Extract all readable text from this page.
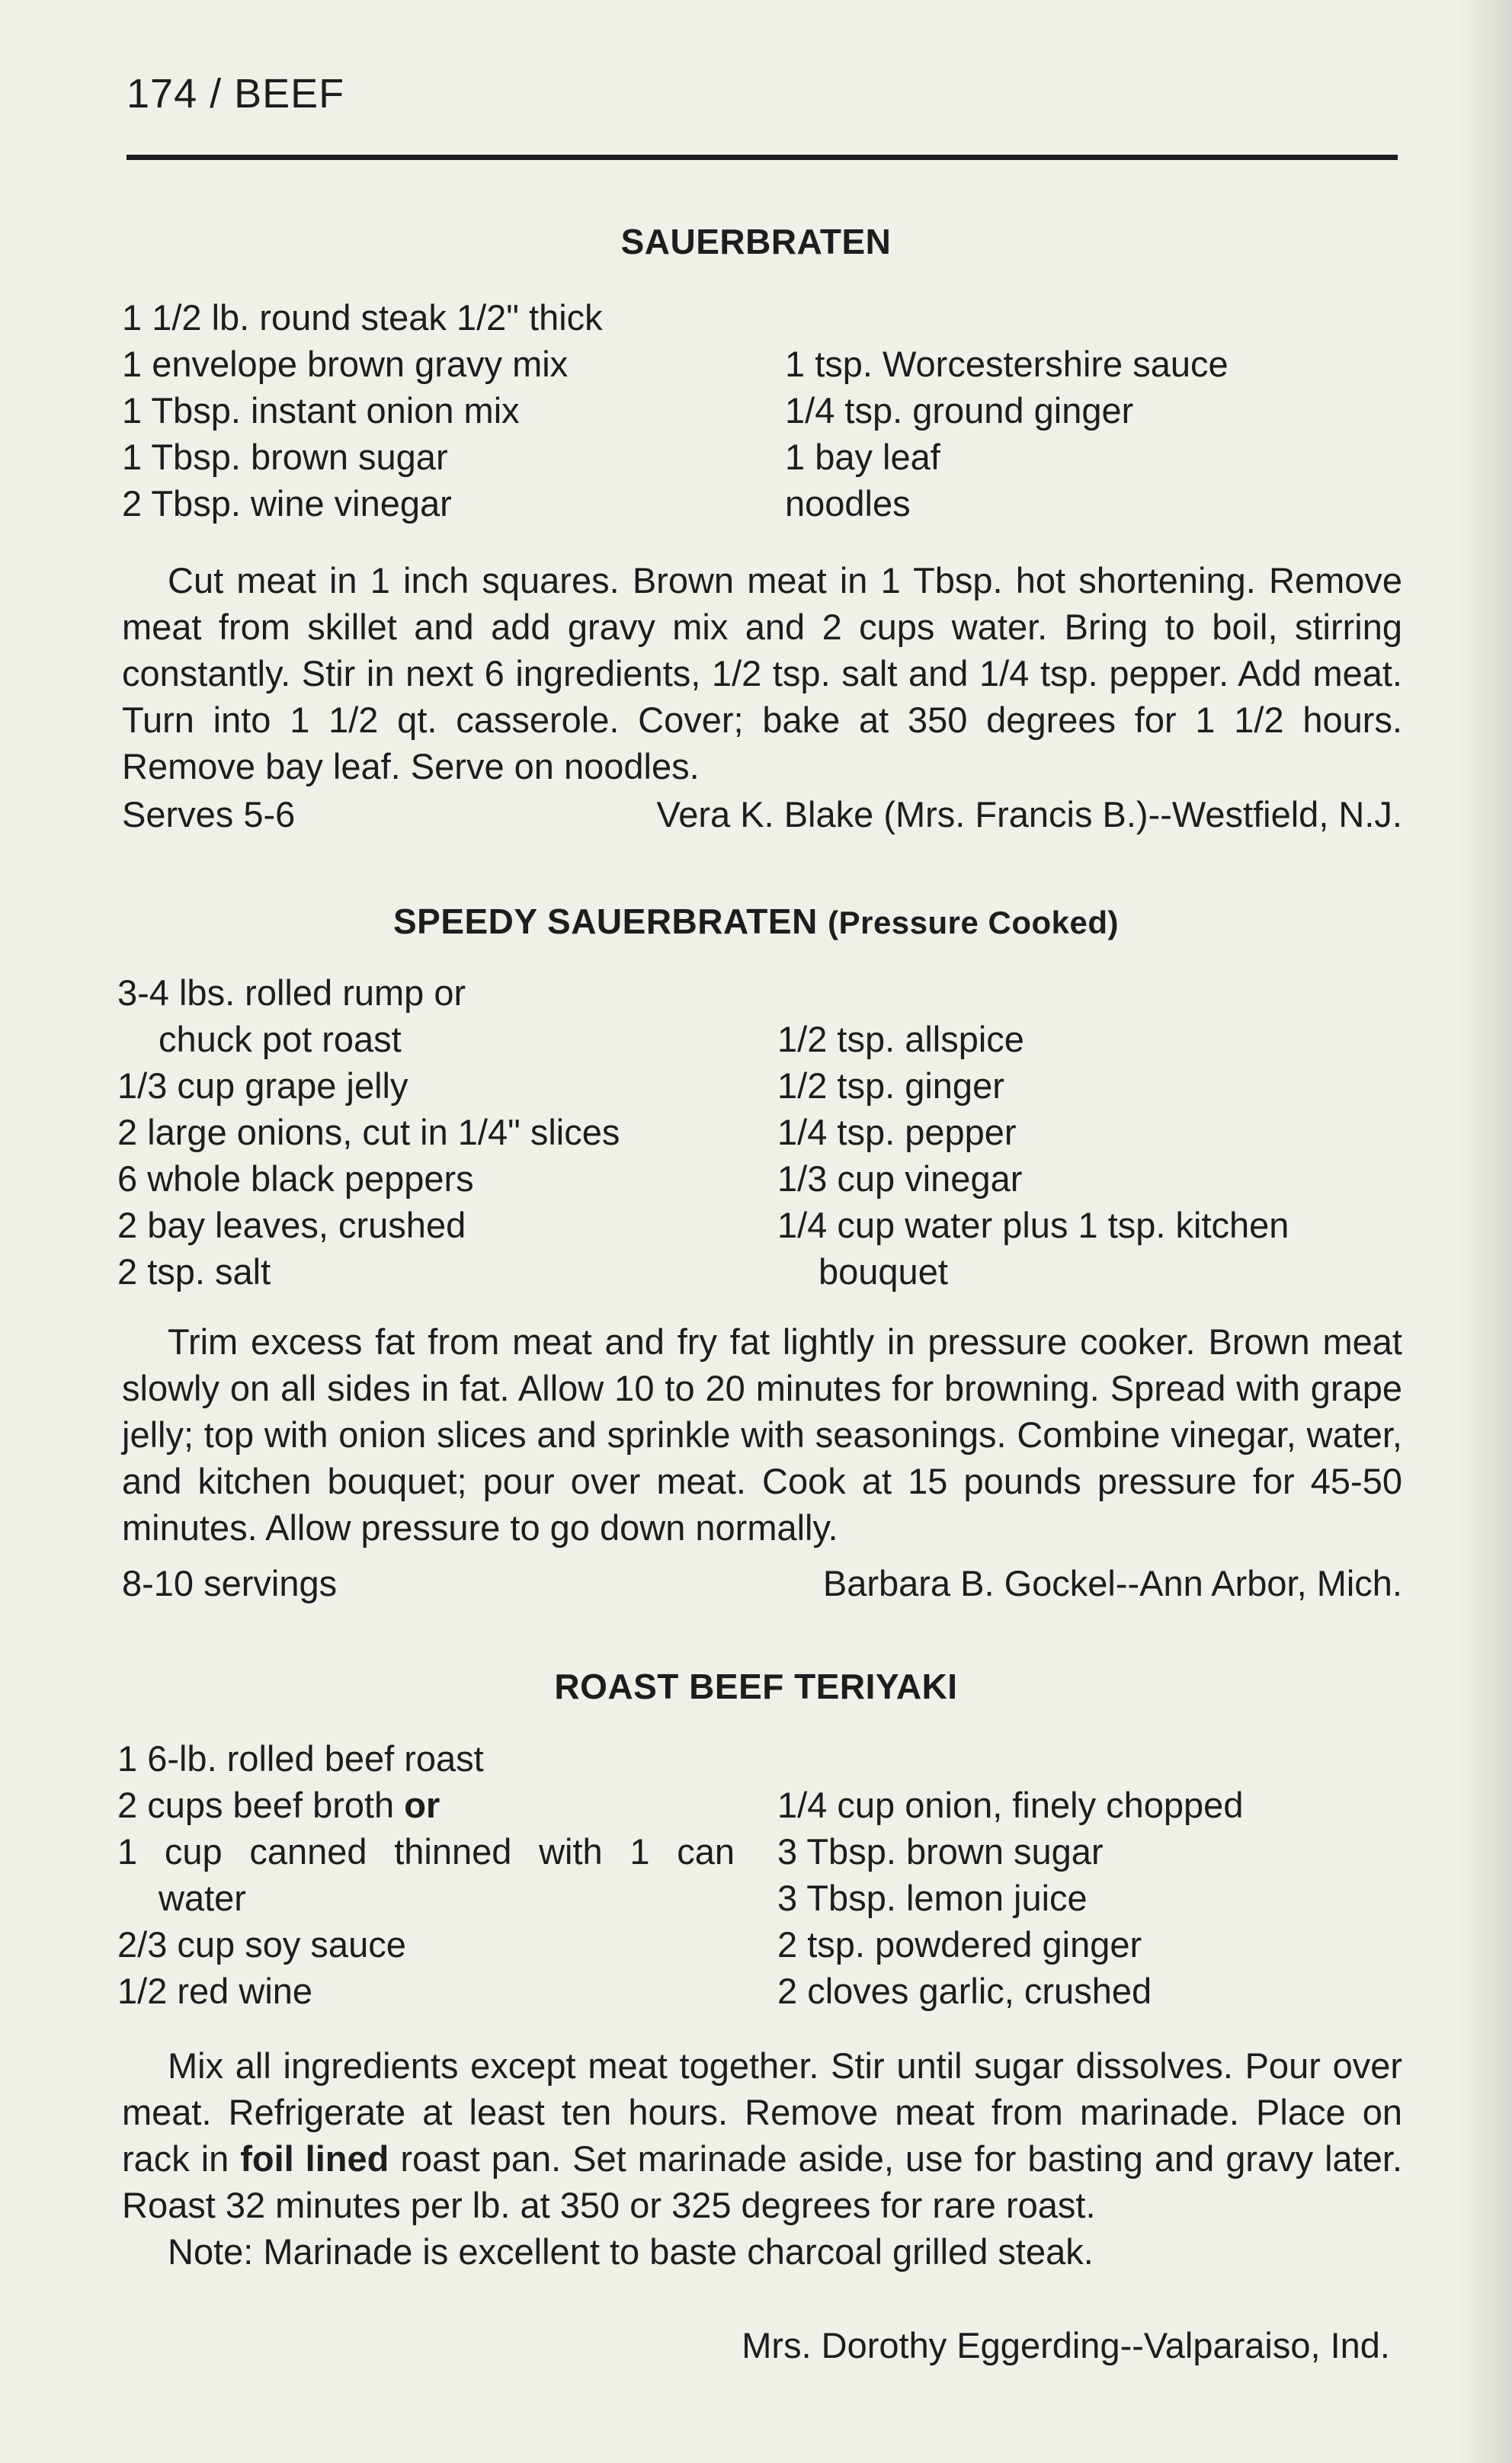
174 / BEEF
SAUERBRATEN
1 1/2 lb. round steak 1/2" thick
1 envelope brown gravy mix
1 Tbsp. instant onion mix
1 Tbsp. brown sugar
2 Tbsp. wine vinegar
1 tsp. Worcestershire sauce
1/4 tsp. ground ginger
1 bay leaf
noodles
Cut meat in 1 inch squares. Brown meat in 1 Tbsp. hot shortening. Remove meat from skillet and add gravy mix and 2 cups water. Bring to boil, stirring constantly. Stir in next 6 ingredients, 1/2 tsp. salt and 1/4 tsp. pepper. Add meat. Turn into 1 1/2 qt. casserole. Cover; bake at 350 degrees for 1 1/2 hours. Remove bay leaf. Serve on noodles.
Serves 5-6	Vera K. Blake (Mrs. Francis B.)--Westfield, N.J.
SPEEDY SAUERBRATEN (Pressure Cooked)
3-4 lbs. rolled rump or
chuck pot roast
1/3 cup grape jelly
2 large onions, cut in 1/4" slices
6 whole black peppers
2 bay leaves, crushed
2 tsp. salt
1/2 tsp. allspice
1/2 tsp. ginger
1/4 tsp. pepper
1/3 cup vinegar
1/4 cup water plus 1 tsp. kitchen
bouquet
Trim excess fat from meat and fry fat lightly in pressure cooker. Brown meat slowly on all sides in fat. Allow 10 to 20 minutes for browning. Spread with grape jelly; top with onion slices and sprinkle with seasonings. Combine vinegar, water, and kitchen bouquet; pour over meat. Cook at 15 pounds pressure for 45-50 minutes. Allow pressure to go down normally.
8-10 servings	Barbara B. Gockel--Ann Arbor, Mich.
ROAST BEEF TERIYAKI
1 6-lb. rolled beef roast
2 cups beef broth or
1 cup canned thinned with 1 can
water
2/3 cup soy sauce
1/2 red wine
1/4 cup onion, finely chopped
3 Tbsp. brown sugar
3 Tbsp. lemon juice
2 tsp. powdered ginger
2 cloves garlic, crushed
Mix all ingredients except meat together. Stir until sugar dissolves. Pour over meat. Refrigerate at least ten hours. Remove meat from marinade. Place on rack in foil lined roast pan. Set marinade aside, use for basting and gravy later. Roast 32 minutes per lb. at 350 or 325 degrees for rare roast.
Note: Marinade is excellent to baste charcoal grilled steak.
Mrs. Dorothy Eggerding--Valparaiso, Ind.
